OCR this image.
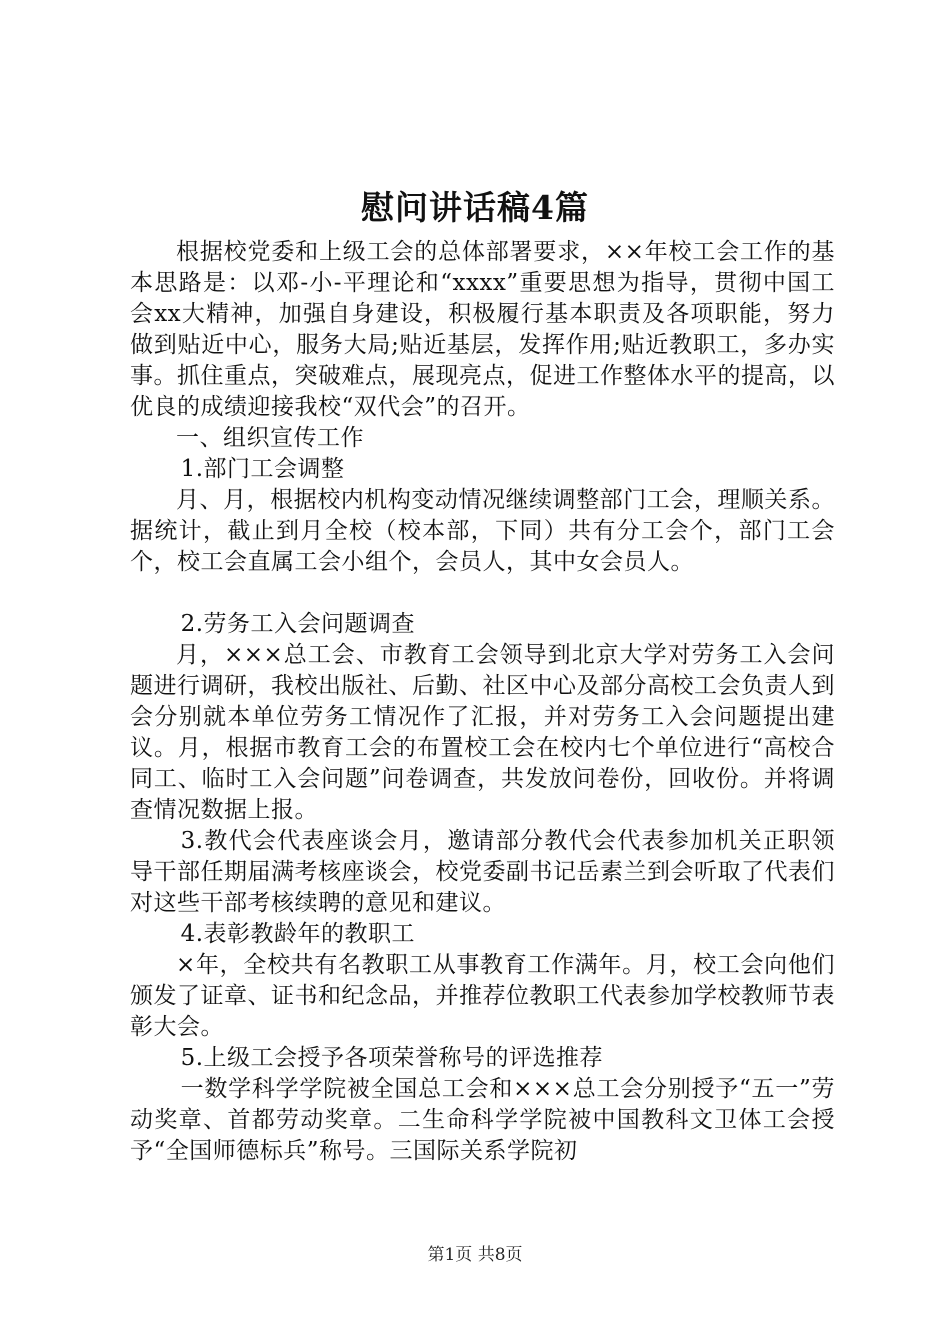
慰问讲话稿4篇

根据校党委和上级工会的总体部署要求，××年校工会工作的基本思路是：以邓-小-平理论和“xxxx”重要思想为指导，贯彻中国工会xx大精神，加强自身建设，积极履行基本职责及各项职能，努力做到贴近中心，服务大局;贴近基层，发挥作用;贴近教职工，多办实事。抓住重点，突破难点，展现亮点，促进工作整体水平的提高，以优良的成绩迎接我校“双代会”的召开。

一、组织宣传工作

1.部门工会调整

月、月，根据校内机构变动情况继续调整部门工会，理顺关系。据统计，截止到月全校（校本部，下同）共有分工会个，部门工会个，校工会直属工会小组个，会员人，其中女会员人。

2.劳务工入会问题调查

月，×××总工会、市教育工会领导到北京大学对劳务工入会问题进行调研，我校出版社、后勤、社区中心及部分高校工会负责人到会分别就本单位劳务工情况作了汇报，并对劳务工入会问题提出建议。月，根据市教育工会的布置校工会在校内七个单位进行“高校合同工、临时工入会问题”问卷调查，共发放问卷份，回收份。并将调查情况数据上报。

3.教代会代表座谈会月，邀请部分教代会代表参加机关正职领导干部任期届满考核座谈会，校党委副书记岳素兰到会听取了代表们对这些干部考核续聘的意见和建议。

4.表彰教龄年的教职工

×年，全校共有名教职工从事教育工作满年。月，校工会向他们颁发了证章、证书和纪念品，并推荐位教职工代表参加学校教师节表彰大会。

5.上级工会授予各项荣誉称号的评选推荐

一数学科学学院被全国总工会和×××总工会分别授予“五一”劳动奖章、首都劳动奖章。二生命科学学院被中国教科文卫体工会授予“全国师德标兵”称号。三国际关系学院初

第1页 共8页
